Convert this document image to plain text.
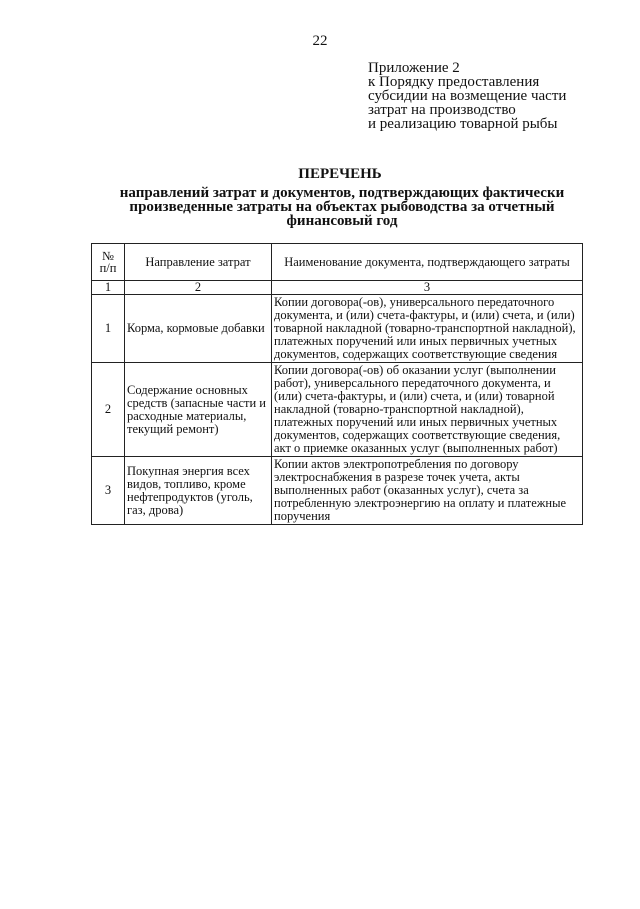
22
Приложение 2
к Порядку предоставления
субсидии на возмещение части
затрат на производство
и реализацию товарной рыбы
ПЕРЕЧЕНЬ
направлений затрат и документов, подтверждающих фактически
произведенные затраты на объектах рыбоводства за отчетный
финансовый год
№
п/п	Направление затрат	Наименование документа, подтверждающего затраты
1	2	3
1	Корма, кормовые добавки	Копии договора(-ов), универсального передаточного документа, и (или) счета-фактуры, и (или) счета, и (или) товарной накладной (товарно-транспортной накладной), платежных поручений или иных первичных учетных документов, содержащих соответствующие сведения
2	Содержание основных средств (запасные части и расходные материалы, текущий ремонт)	Копии договора(-ов) об оказании услуг (выполнении работ), универсального передаточного документа, и (или) счета-фактуры, и (или) счета, и (или) товарной накладной (товарно-транспортной накладной), платежных поручений или иных первичных учетных документов, содержащих соответствующие сведения, акт о приемке оказанных услуг (выполненных работ)
3	Покупная энергия всех видов, топливо, кроме нефтепродуктов (уголь, газ, дрова)	Копии актов электропотребления по договору электроснабжения в разрезе точек учета, акты выполненных работ (оказанных услуг), счета за потребленную электроэнергию на оплату и платежные поручения
